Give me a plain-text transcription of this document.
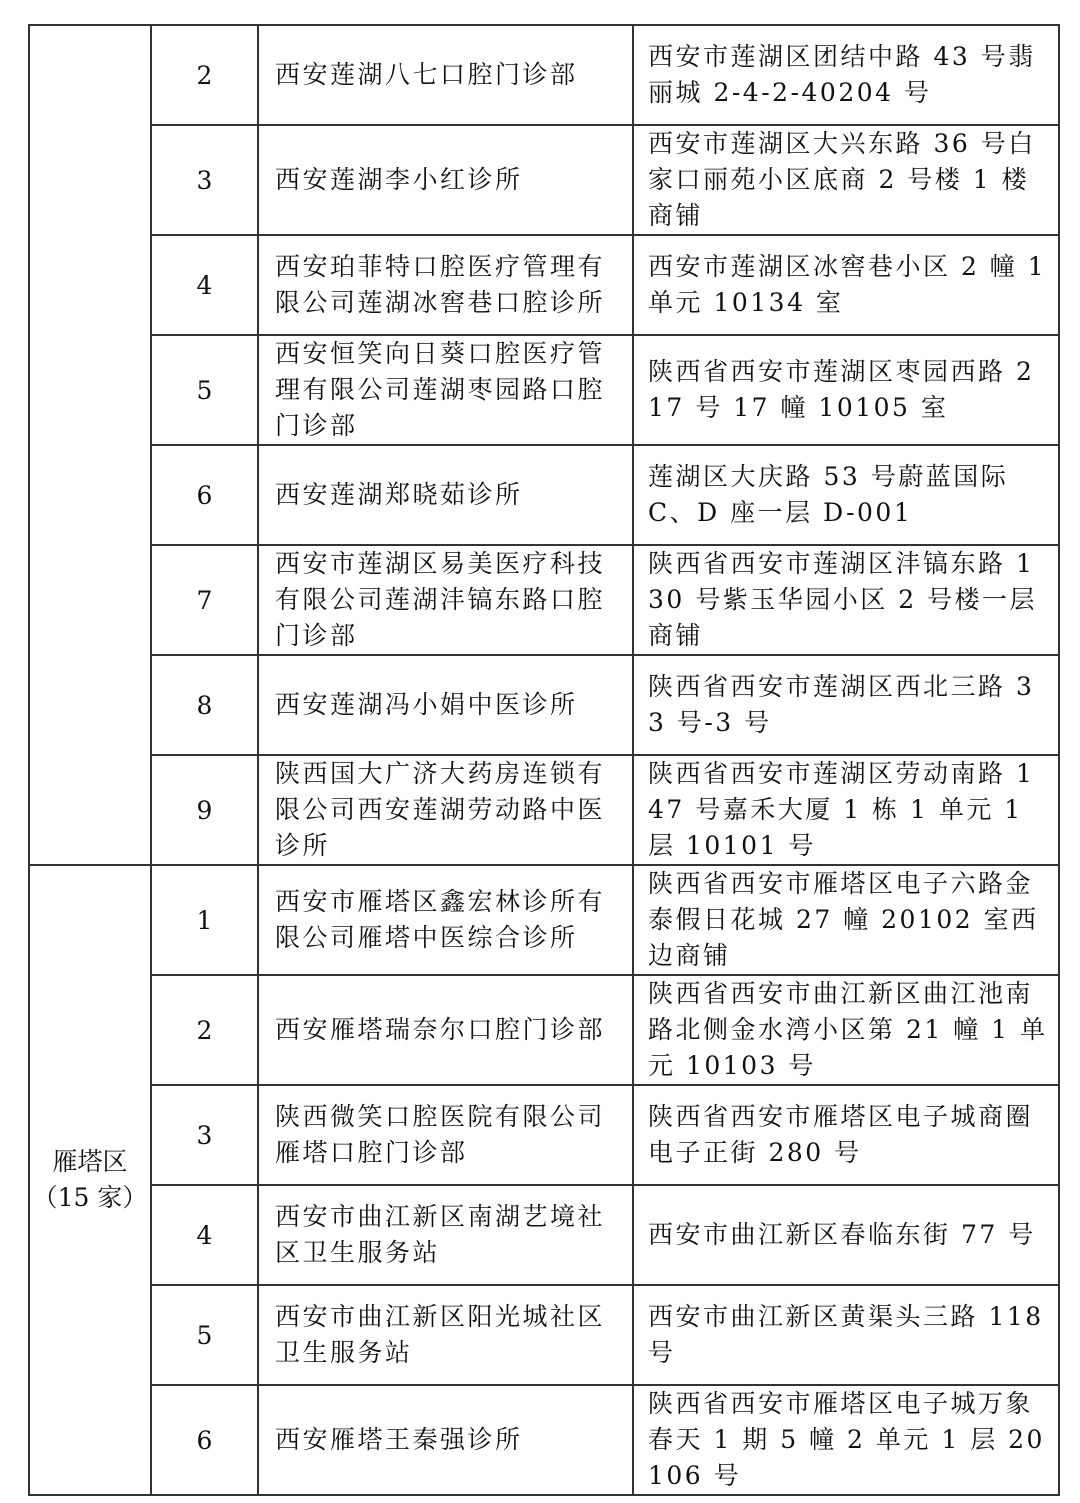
	2	西安莲湖八七口腔门诊部	西安市莲湖区团结中路 43 号翡丽城 2-4-2-40204 号
	3	西安莲湖李小红诊所	西安市莲湖区大兴东路 36 号白家口丽苑小区底商 2 号楼 1 楼商铺
	4	西安珀菲特口腔医疗管理有限公司莲湖冰窖巷口腔诊所	西安市莲湖区冰窖巷小区 2 幢 1 单元 10134 室
	5	西安恒笑向日葵口腔医疗管理有限公司莲湖枣园路口腔门诊部	陕西省西安市莲湖区枣园西路 217 号 17 幢 10105 室
	6	西安莲湖郑晓茹诊所	莲湖区大庆路 53 号蔚蓝国际 C、D 座一层 D-001
	7	西安市莲湖区易美医疗科技有限公司莲湖沣镐东路口腔门诊部	陕西省西安市莲湖区沣镐东路 130 号紫玉华园小区 2 号楼一层商铺
	8	西安莲湖冯小娟中医诊所	陕西省西安市莲湖区西北三路 33 号-3 号
	9	陕西国大广济大药房连锁有限公司西安莲湖劳动路中医诊所	陕西省西安市莲湖区劳动南路 147 号嘉禾大厦 1 栋 1 单元 1 层 10101 号
雁塔区（15 家）	1	西安市雁塔区鑫宏林诊所有限公司雁塔中医综合诊所	陕西省西安市雁塔区电子六路金泰假日花城 27 幢 20102 室西边商铺
	2	西安雁塔瑞奈尔口腔门诊部	陕西省西安市曲江新区曲江池南路北侧金水湾小区第 21 幢 1 单元 10103 号
	3	陕西微笑口腔医院有限公司雁塔口腔门诊部	陕西省西安市雁塔区电子城商圈电子正街 280 号
	4	西安市曲江新区南湖艺境社区卫生服务站	西安市曲江新区春临东街 77 号
	5	西安市曲江新区阳光城社区卫生服务站	西安市曲江新区黄渠头三路 118 号
	6	西安雁塔王秦强诊所	陕西省西安市雁塔区电子城万象春天 1 期 5 幢 2 单元 1 层 20106 号
